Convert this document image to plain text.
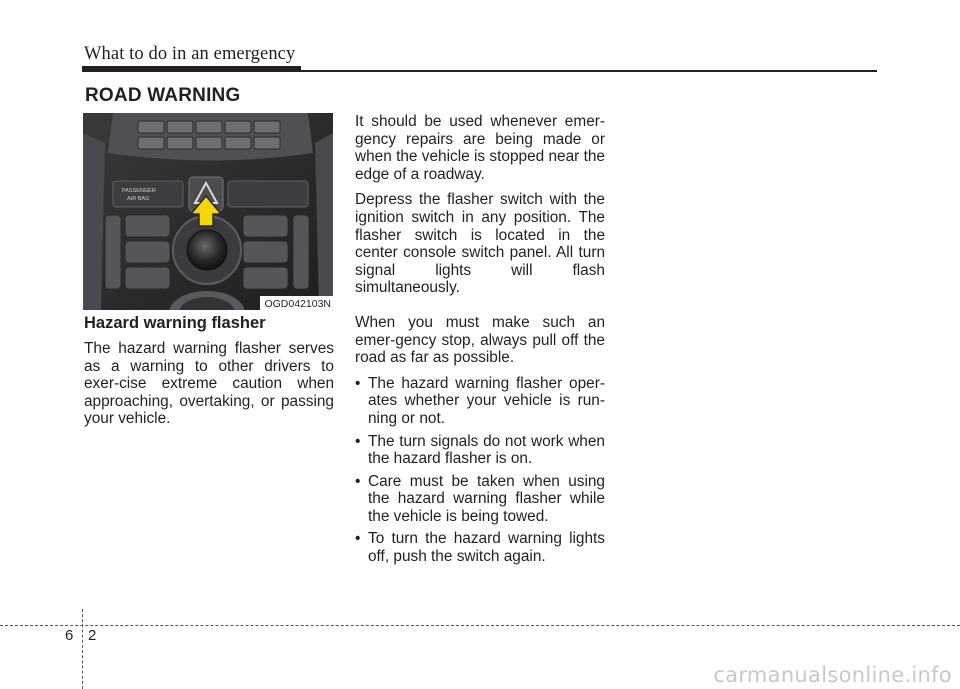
What to do in an emergency
ROAD WARNING
PASSENGER
AIR BAG
OGD042103N
Hazard warning flasher

The hazard warning flasher serves as a warning to other drivers to exer-cise extreme caution when approaching, overtaking, or passing your vehicle.

It should be used whenever emer-gency repairs are being made or when the vehicle is stopped near the edge of a roadway.

Depress the flasher switch with the ignition switch in any position. The flasher switch is located in the center console switch panel. All turn signal lights will flash simultaneously.

When you must make such an emer-gency stop, always pull off the road as far as possible.

• The hazard warning flasher oper-ates whether your vehicle is run-ning or not.
• The turn signals do not work when the hazard flasher is on.
• Care must be taken when using the hazard warning flasher while the vehicle is being towed.
• To turn the hazard warning lights off, push the switch again.
6 2
carmanualsonline.info
